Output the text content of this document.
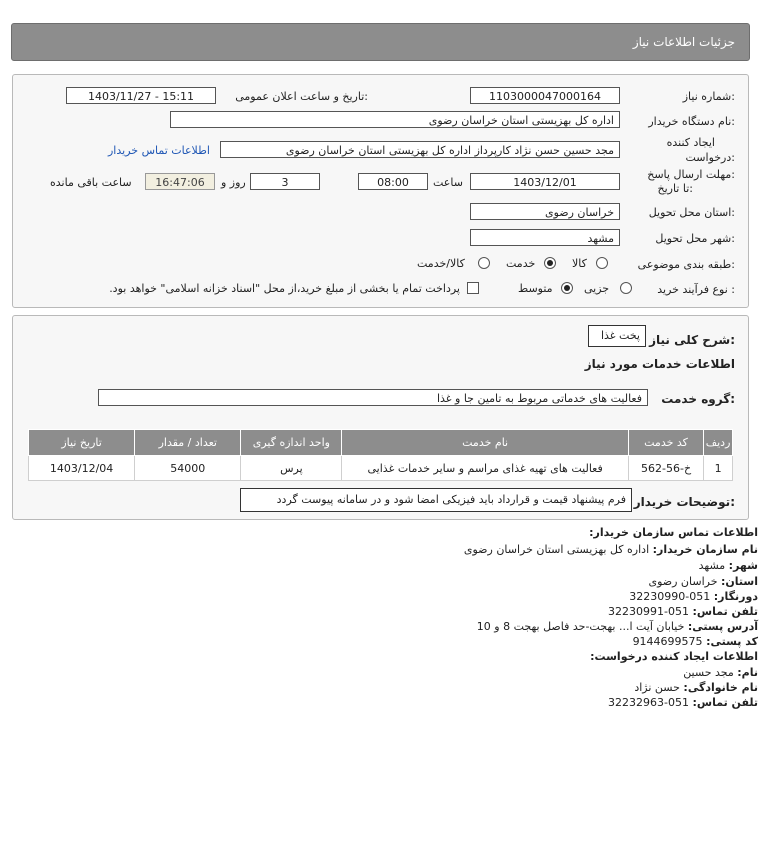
جزئیات اطلاعات نیاز
شماره نیاز:
1103000047000164
تاریخ و ساعت اعلان عمومی:
1403/11/27 - 15:11
نام دستگاه خریدار:
اداره کل بهزیستی استان خراسان رضوی
ایجاد کننده
درخواست:
مجد حسین حسن نژاد کارپرداز اداره کل بهزیستی استان خراسان رضوی
اطلاعات تماس خریدار
مهلت ارسال پاسخ:
تا تاریخ:
1403/12/01
ساعت
08:00
3
روز و
16:47:06
ساعت باقی مانده
استان محل تحویل:
خراسان رضوی
شهر محل تحویل:
مشهد
طبقه بندی موضوعی:
کالا
خدمت
کالا/خدمت
نوع فرآیند خرید :
جزیی
متوسط
پرداخت تمام یا بخشی از مبلغ خرید،از محل "اسناد خزانه اسلامی" خواهد بود.
شرح کلی نیاز:
پخت غذا
اطلاعات خدمات مورد نیاز
گروه خدمت:
فعالیت های خدماتی مربوط به تامین جا و غذا
ردیف	کد خدمت	نام خدمت	واحد اندازه گیری	تعداد / مقدار	تاریخ نیاز
1	خ-56-562	فعالیت های تهیه غذای مراسم و سایر خدمات غذایی	پرس	54000	1403/12/04
توضیحات خریدار:
فرم پیشنهاد قیمت و قرارداد باید فیزیکی امضا شود و در سامانه پیوست گردد
اطلاعات تماس سازمان خریدار:
نام سازمان خریدار: اداره کل بهزیستی استان خراسان رضوی
شهر: مشهد
استان: خراسان رضوی
دورنگار: 051-32230990
تلفن تماس: 051-32230991
آدرس پستی: خیابان آیت ا... بهجت-حد فاصل بهجت 8 و 10
کد پستی: 9144699575
اطلاعات ایجاد کننده درخواست:
نام: مجد حسین
نام خانوادگی: حسن نژاد
تلفن تماس: 051-32232963
